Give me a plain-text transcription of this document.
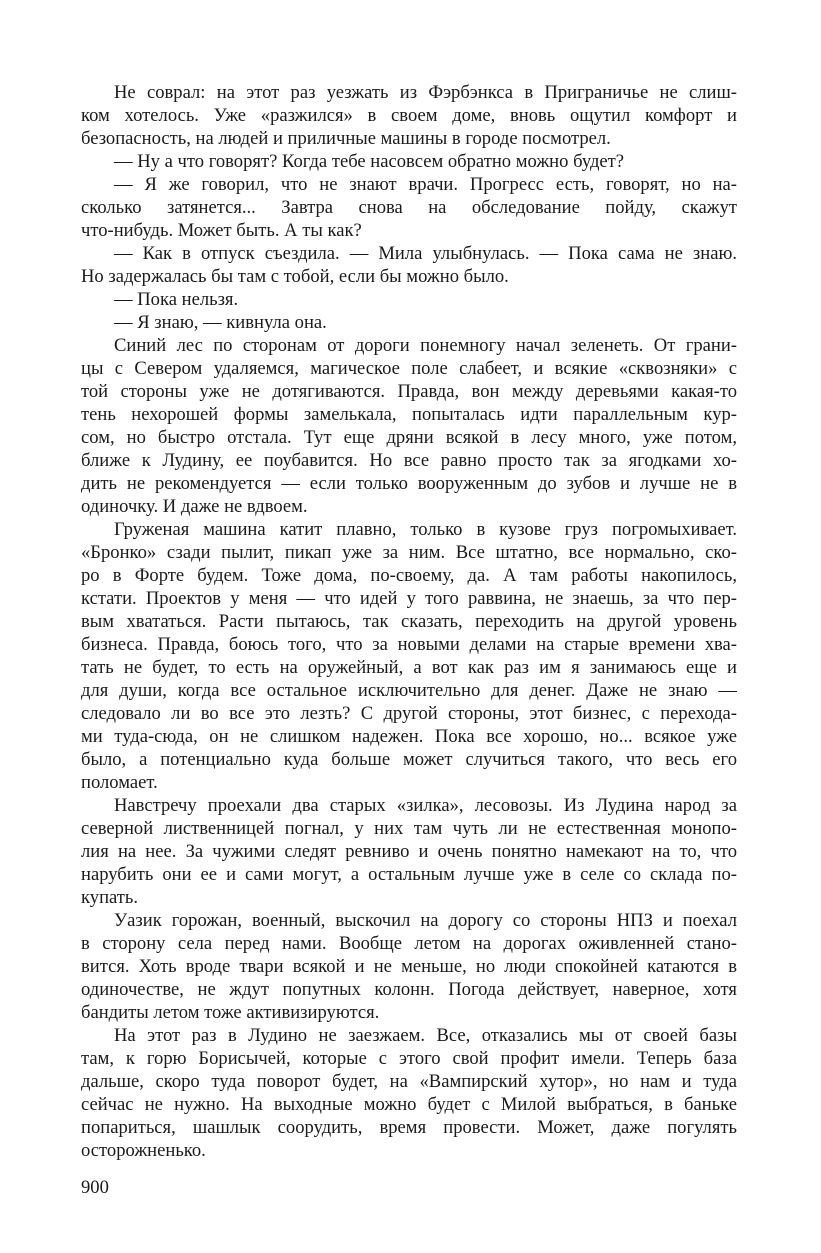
Не соврал: на этот раз уезжать из Фэрбэнкса в Приграничье не слиш-
ком хотелось. Уже «разжился» в своем доме, вновь ощутил комфорт и
безопасность, на людей и приличные машины в городе посмотрел.
— Ну а что говорят? Когда тебе насовсем обратно можно будет?
— Я же говорил, что не знают врачи. Прогресс есть, говорят, но на-
сколько затянется... Завтра снова на обследование пойду, скажут
что-нибудь. Может быть. А ты как?
— Как в отпуск съездила. — Мила улыбнулась. — Пока сама не знаю.
Но задержалась бы там с тобой, если бы можно было.
— Пока нельзя.
— Я знаю, — кивнула она.
Синий лес по сторонам от дороги понемногу начал зеленеть. От грани-
цы с Севером удаляемся, магическое поле слабеет, и всякие «сквозняки» с
той стороны уже не дотягиваются. Правда, вон между деревьями какая-то
тень нехорошей формы замелькала, попыталась идти параллельным кур-
сом, но быстро отстала. Тут еще дряни всякой в лесу много, уже потом,
ближе к Лудину, ее поубавится. Но все равно просто так за ягодками хо-
дить не рекомендуется — если только вооруженным до зубов и лучше не в
одиночку. И даже не вдвоем.
Груженая машина катит плавно, только в кузове груз погромыхивает.
«Бронко» сзади пылит, пикап уже за ним. Все штатно, все нормально, ско-
ро в Форте будем. Тоже дома, по-своему, да. А там работы накопилось,
кстати. Проектов у меня — что идей у того раввина, не знаешь, за что пер-
вым хвататься. Расти пытаюсь, так сказать, переходить на другой уровень
бизнеса. Правда, боюсь того, что за новыми делами на старые времени хва-
тать не будет, то есть на оружейный, а вот как раз им я занимаюсь еще и
для души, когда все остальное исключительно для денег. Даже не знаю —
следовало ли во все это лезть? С другой стороны, этот бизнес, с перехода-
ми туда-сюда, он не слишком надежен. Пока все хорошо, но... всякое уже
было, а потенциально куда больше может случиться такого, что весь его
поломает.
Навстречу проехали два старых «зилка», лесовозы. Из Лудина народ за
северной лиственницей погнал, у них там чуть ли не естественная монопо-
лия на нее. За чужими следят ревниво и очень понятно намекают на то, что
нарубить они ее и сами могут, а остальным лучше уже в селе со склада по-
купать.
Уазик горожан, военный, выскочил на дорогу со стороны НПЗ и поехал
в сторону села перед нами. Вообще летом на дорогах оживленней стано-
вится. Хоть вроде твари всякой и не меньше, но люди спокойней катаются в
одиночестве, не ждут попутных колонн. Погода действует, наверное, хотя
бандиты летом тоже активизируются.
На этот раз в Лудино не заезжаем. Все, отказались мы от своей базы
там, к горю Борисычей, которые с этого свой профит имели. Теперь база
дальше, скоро туда поворот будет, на «Вампирский хутор», но нам и туда
сейчас не нужно. На выходные можно будет с Милой выбраться, в баньке
попариться, шашлык соорудить, время провести. Может, даже погулять
осторожненько.
900
